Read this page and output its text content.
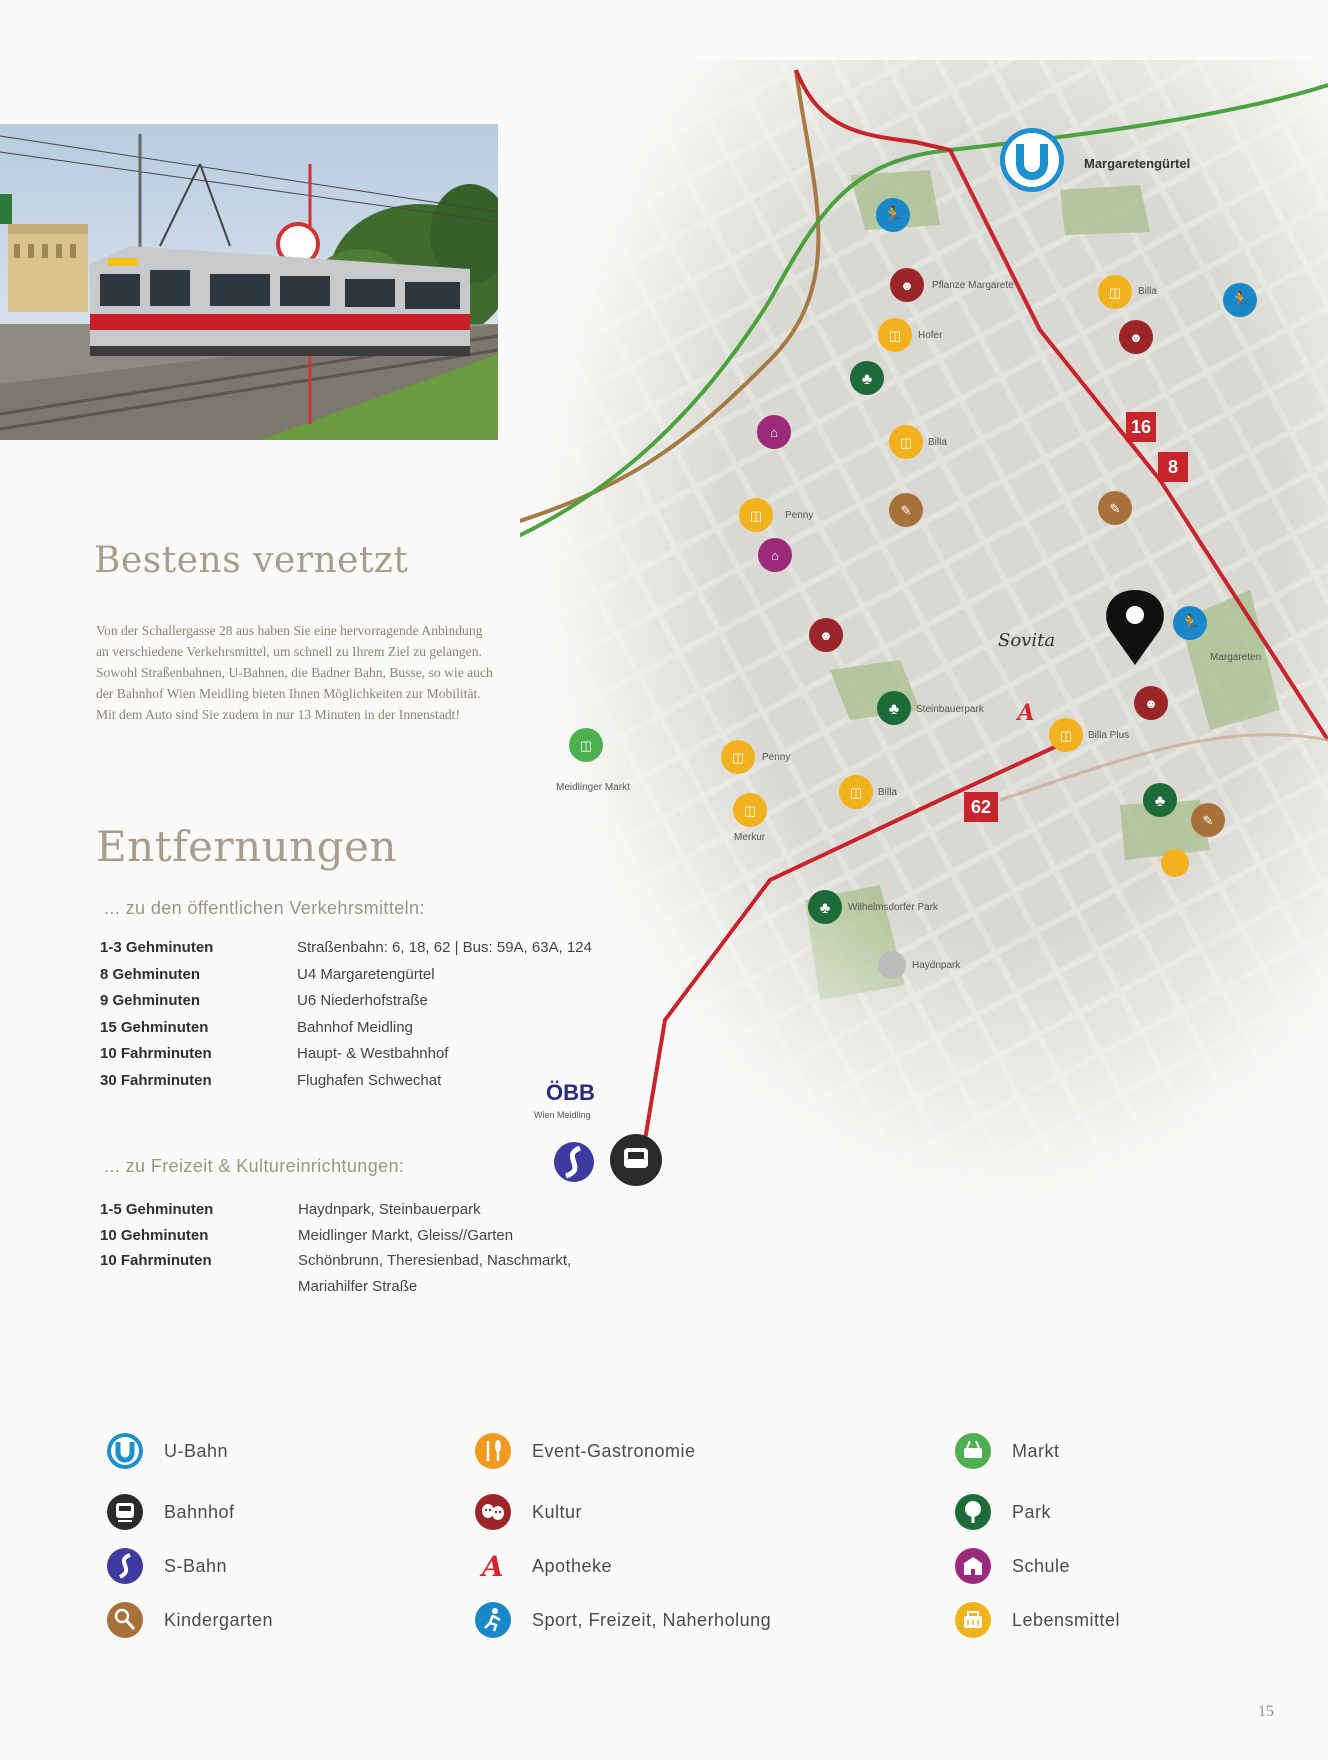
16
8
62
Margaretengürtel
Sovita
🏃
☻ Pflanze Margarete
◫ Hofer
♣
◫ Billa
⌂
◫ Penny
⌂
✎
☻
♣ Steinbauerpark A
◫ Billa Plus
◫
Meidlinger Markt
◫ Penny
◫ Billa
◫
Merkur
◫ Billa
☻
🏃
✎
🏃
Margareten
☻
♣
✎
♣ Wilhelmsdorfer Park
Haydnpark
ÖBB
Wien Meidling
Bestens vernetzt

Von der Schallergasse 28 aus haben Sie eine hervorragende Anbindung an verschiedene Verkehrsmittel, um schnell zu Ihrem Ziel zu gelangen. Sowohl Straßenbahnen, U-Bahnen, die Badner Bahn, Busse, so wie auch der Bahnhof Wien Meidling bieten Ihnen Möglichkeiten zur Mobilität. Mit dem Auto sind Sie zudem in nur 13 Minuten in der Innenstadt!

Entfernungen
... zu den öffentlichen Verkehrsmitteln:
1-3 Gehminuten	Straßenbahn: 6, 18, 62 | Bus: 59A, 63A, 124
8 Gehminuten	U4 Margaretengürtel
9 Gehminuten	U6 Niederhofstraße
15 Gehminuten	Bahnhof Meidling
10 Fahrminuten	Haupt- & Westbahnhof
30 Fahrminuten	Flughafen Schwechat
... zu Freizeit & Kultureinrichtungen:
1-5 Gehminuten	Haydnpark, Steinbauerpark
10 Gehminuten	Meidlinger Markt, Gleiss//Garten
10 Fahrminuten	Schönbrunn, Theresienbad, Naschmarkt,
	Mariahilfer Straße
U-Bahn
Bahnhof
S-Bahn
Kindergarten
Event-Gastronomie
Kultur
A Apotheke
Sport, Freizeit, Naherholung
Markt
Park
Schule
Lebensmittel
15
